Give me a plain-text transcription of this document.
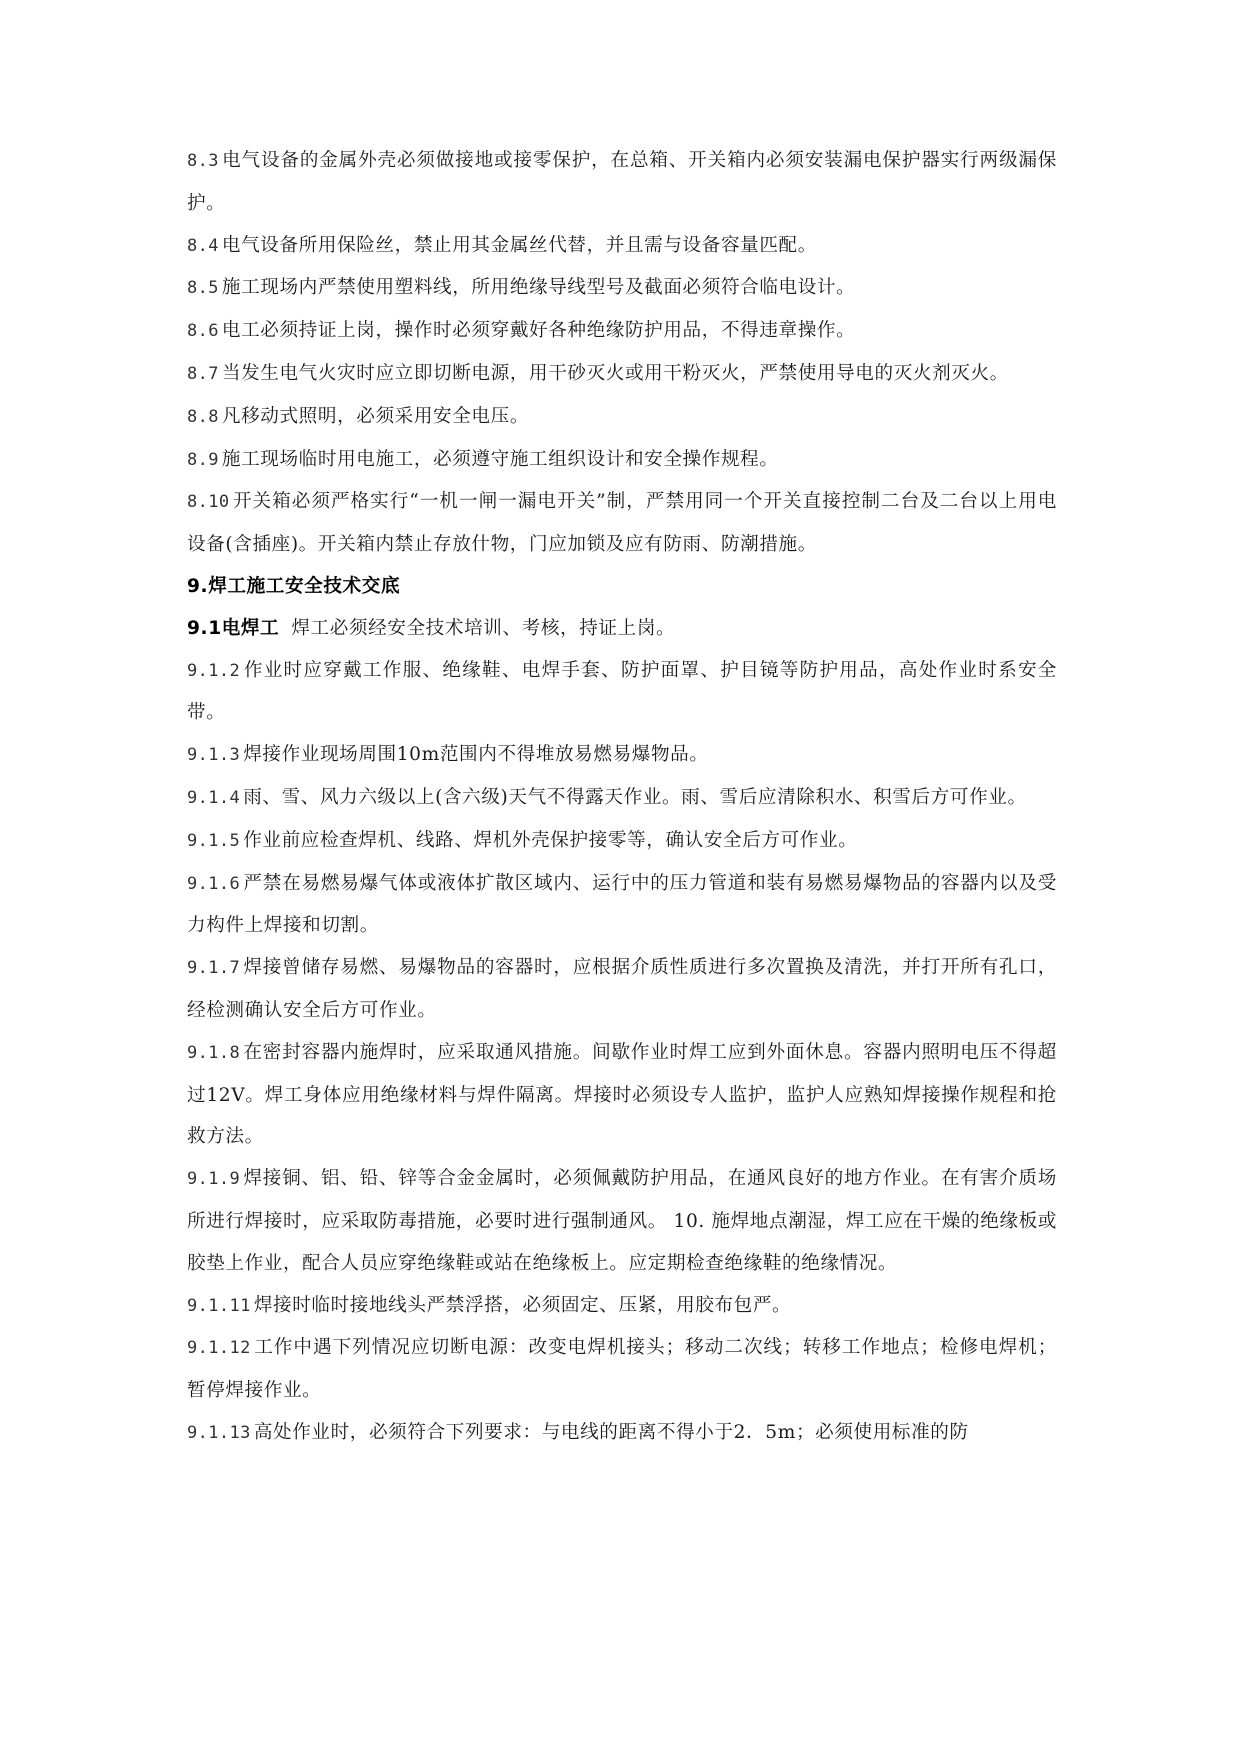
8.3 电气设备的金属外壳必须做接地或接零保护，在总箱、开关箱内必须安装漏电保护器实行两级漏保护。

8.4 电气设备所用保险丝，禁止用其金属丝代替，并且需与设备容量匹配。

8.5 施工现场内严禁使用塑料线，所用绝缘导线型号及截面必须符合临电设计。

8.6 电工必须持证上岗，操作时必须穿戴好各种绝缘防护用品，不得违章操作。

8.7 当发生电气火灾时应立即切断电源，用干砂灭火或用干粉灭火，严禁使用导电的灭火剂灭火。

8.8 凡移动式照明，必须采用安全电压。

8.9 施工现场临时用电施工，必须遵守施工组织设计和安全操作规程。

8.10 开关箱必须严格实行“一机一闸一漏电开关”制，严禁用同一个开关直接控制二台及二台以上用电设备(含插座)。开关箱内禁止存放什物，门应加锁及应有防雨、防潮措施。

9.焊工施工安全技术交底

9.1电焊工 焊工必须经安全技术培训、考核，持证上岗。

9.1.2 作业时应穿戴工作服、绝缘鞋、电焊手套、防护面罩、护目镜等防护用品，高处作业时系安全带。

9.1.3 焊接作业现场周围10m范围内不得堆放易燃易爆物品。

9.1.4 雨、雪、风力六级以上(含六级)天气不得露天作业。雨、雪后应清除积水、积雪后方可作业。

9.1.5 作业前应检查焊机、线路、焊机外壳保护接零等，确认安全后方可作业。

9.1.6 严禁在易燃易爆气体或液体扩散区域内、运行中的压力管道和装有易燃易爆物品的容器内以及受力构件上焊接和切割。

9.1.7 焊接曾储存易燃、易爆物品的容器时，应根据介质性质进行多次置换及清洗，并打开所有孔口，经检测确认安全后方可作业。

9.1.8 在密封容器内施焊时，应采取通风措施。间歇作业时焊工应到外面休息。容器内照明电压不得超过12V。焊工身体应用绝缘材料与焊件隔离。焊接时必须设专人监护，监护人应熟知焊接操作规程和抢救方法。

9.1.9 焊接铜、铝、铅、锌等合金金属时，必须佩戴防护用品，在通风良好的地方作业。在有害介质场所进行焊接时，应采取防毒措施，必要时进行强制通风。 10. 施焊地点潮湿，焊工应在干燥的绝缘板或胶垫上作业，配合人员应穿绝缘鞋或站在绝缘板上。应定期检查绝缘鞋的绝缘情况。

9.1.11 焊接时临时接地线头严禁浮搭，必须固定、压紧，用胶布包严。

9.1.12 工作中遇下列情况应切断电源：改变电焊机接头；移动二次线；转移工作地点；检修电焊机；暂停焊接作业。

9.1.13 高处作业时，必须符合下列要求：与电线的距离不得小于2．5m；必须使用标准的防
